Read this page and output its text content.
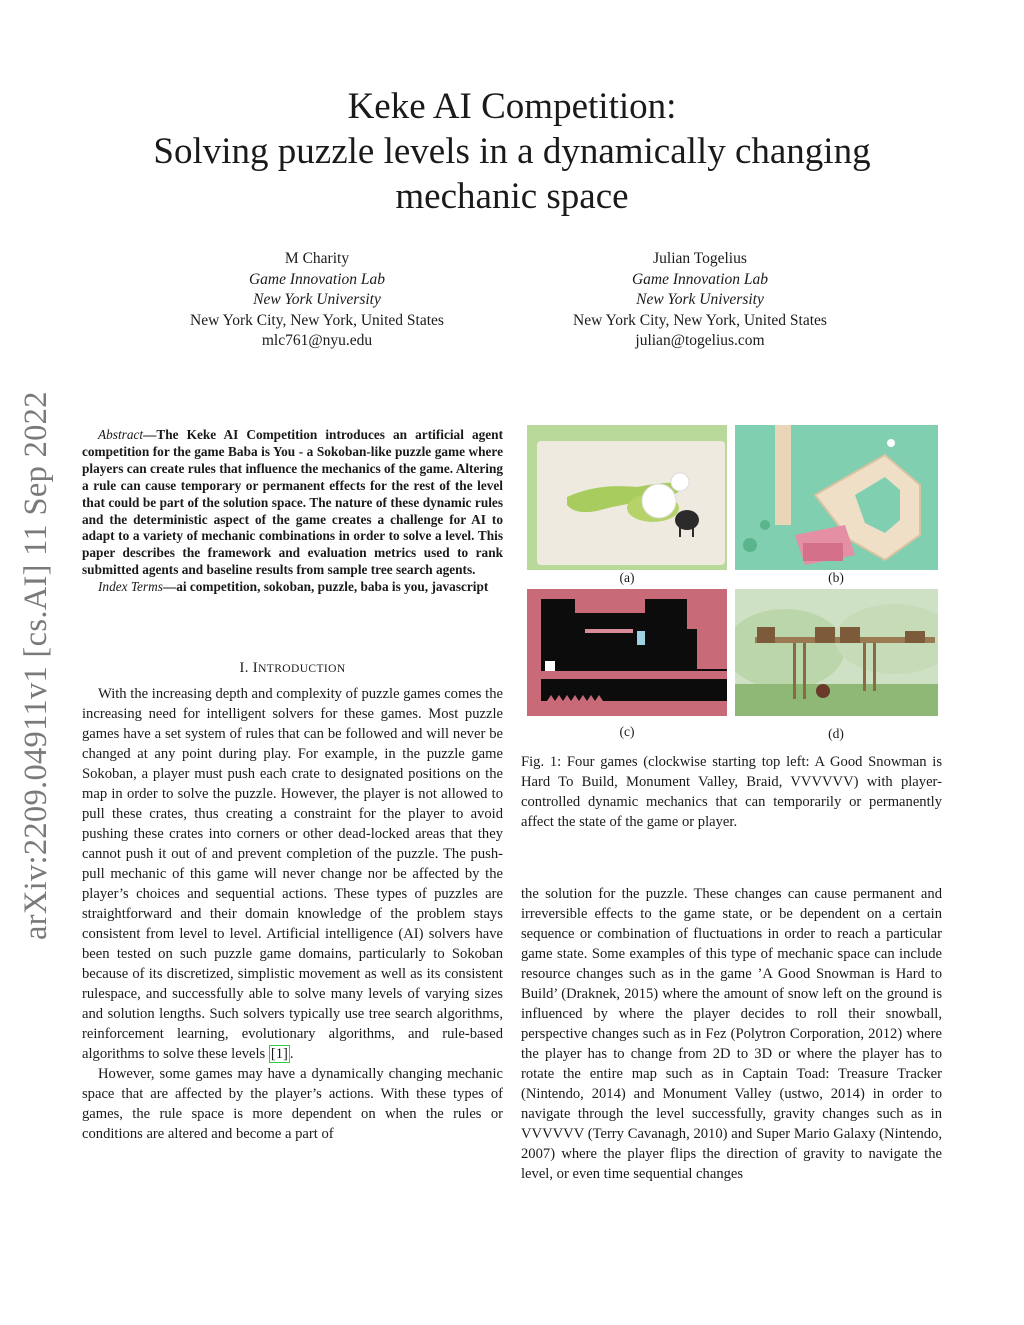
arXiv:2209.04911v1 [cs.AI] 11 Sep 2022
Keke AI Competition:
Solving puzzle levels in a dynamically changing
mechanic space
M Charity
Game Innovation Lab
New York University
New York City, New York, United States
mlc761@nyu.edu
Julian Togelius
Game Innovation Lab
New York University
New York City, New York, United States
julian@togelius.com

Abstract—The Keke AI Competition introduces an artificial agent competition for the game Baba is You - a Sokoban-like puzzle game where players can create rules that influence the mechanics of the game. Altering a rule can cause temporary or permanent effects for the rest of the level that could be part of the solution space. The nature of these dynamic rules and the deterministic aspect of the game creates a challenge for AI to adapt to a variety of mechanic combinations in order to solve a level. This paper describes the framework and evaluation metrics used to rank submitted agents and baseline results from sample tree search agents.

Index Terms—ai competition, sokoban, puzzle, baba is you, javascript

I. INTRODUCTION

With the increasing depth and complexity of puzzle games comes the increasing need for intelligent solvers for these games. Most puzzle games have a set system of rules that can be followed and will never be changed at any point during play. For example, in the puzzle game Sokoban, a player must push each crate to designated positions on the map in order to solve the puzzle. However, the player is not allowed to pull these crates, thus creating a constraint for the player to avoid pushing these crates into corners or other dead-locked areas that they cannot push it out of and prevent completion of the puzzle. The push-pull mechanic of this game will never change nor be affected by the player’s choices and sequential actions. These types of puzzles are straightforward and their domain knowledge of the problem stays consistent from level to level. Artificial intelligence (AI) solvers have been tested on such puzzle game domains, particularly to Sokoban because of its discretized, simplistic movement as well as its consistent rulespace, and successfully able to solve many levels of varying sizes and solution lengths. Such solvers typically use tree search algorithms, reinforcement learning, evolutionary algorithms, and rule-based algorithms to solve these levels [1] .

However, some games may have a dynamically changing mechanic space that are affected by the player’s actions. With these types of games, the rule space is more dependent on when the rules or conditions are altered and become a part of

(a)	(b)
(c)	(d)
Fig. 1: Four games (clockwise starting top left: A Good Snowman is Hard To Build, Monument Valley, Braid, VVVVVV) with player-controlled dynamic mechanics that can temporarily or permanently affect the state of the game or player.

the solution for the puzzle. These changes can cause permanent and irreversible effects to the game state, or be dependent on a certain sequence or combination of fluctuations in order to reach a particular game state. Some examples of this type of mechanic space can include resource changes such as in the game ’A Good Snowman is Hard to Build’ (Draknek, 2015) where the amount of snow left on the ground is influenced by where the player decides to roll their snowball, perspective changes such as in Fez (Polytron Corporation, 2012) where the player has to change from 2D to 3D or where the player has to rotate the entire map such as in Captain Toad: Treasure Tracker (Nintendo, 2014) and Monument Valley (ustwo, 2014) in order to navigate through the level successfully, gravity changes such as in VVVVVV (Terry Cavanagh, 2010) and Super Mario Galaxy (Nintendo, 2007) where the player flips the direction of gravity to navigate the level, or even time sequential changes
